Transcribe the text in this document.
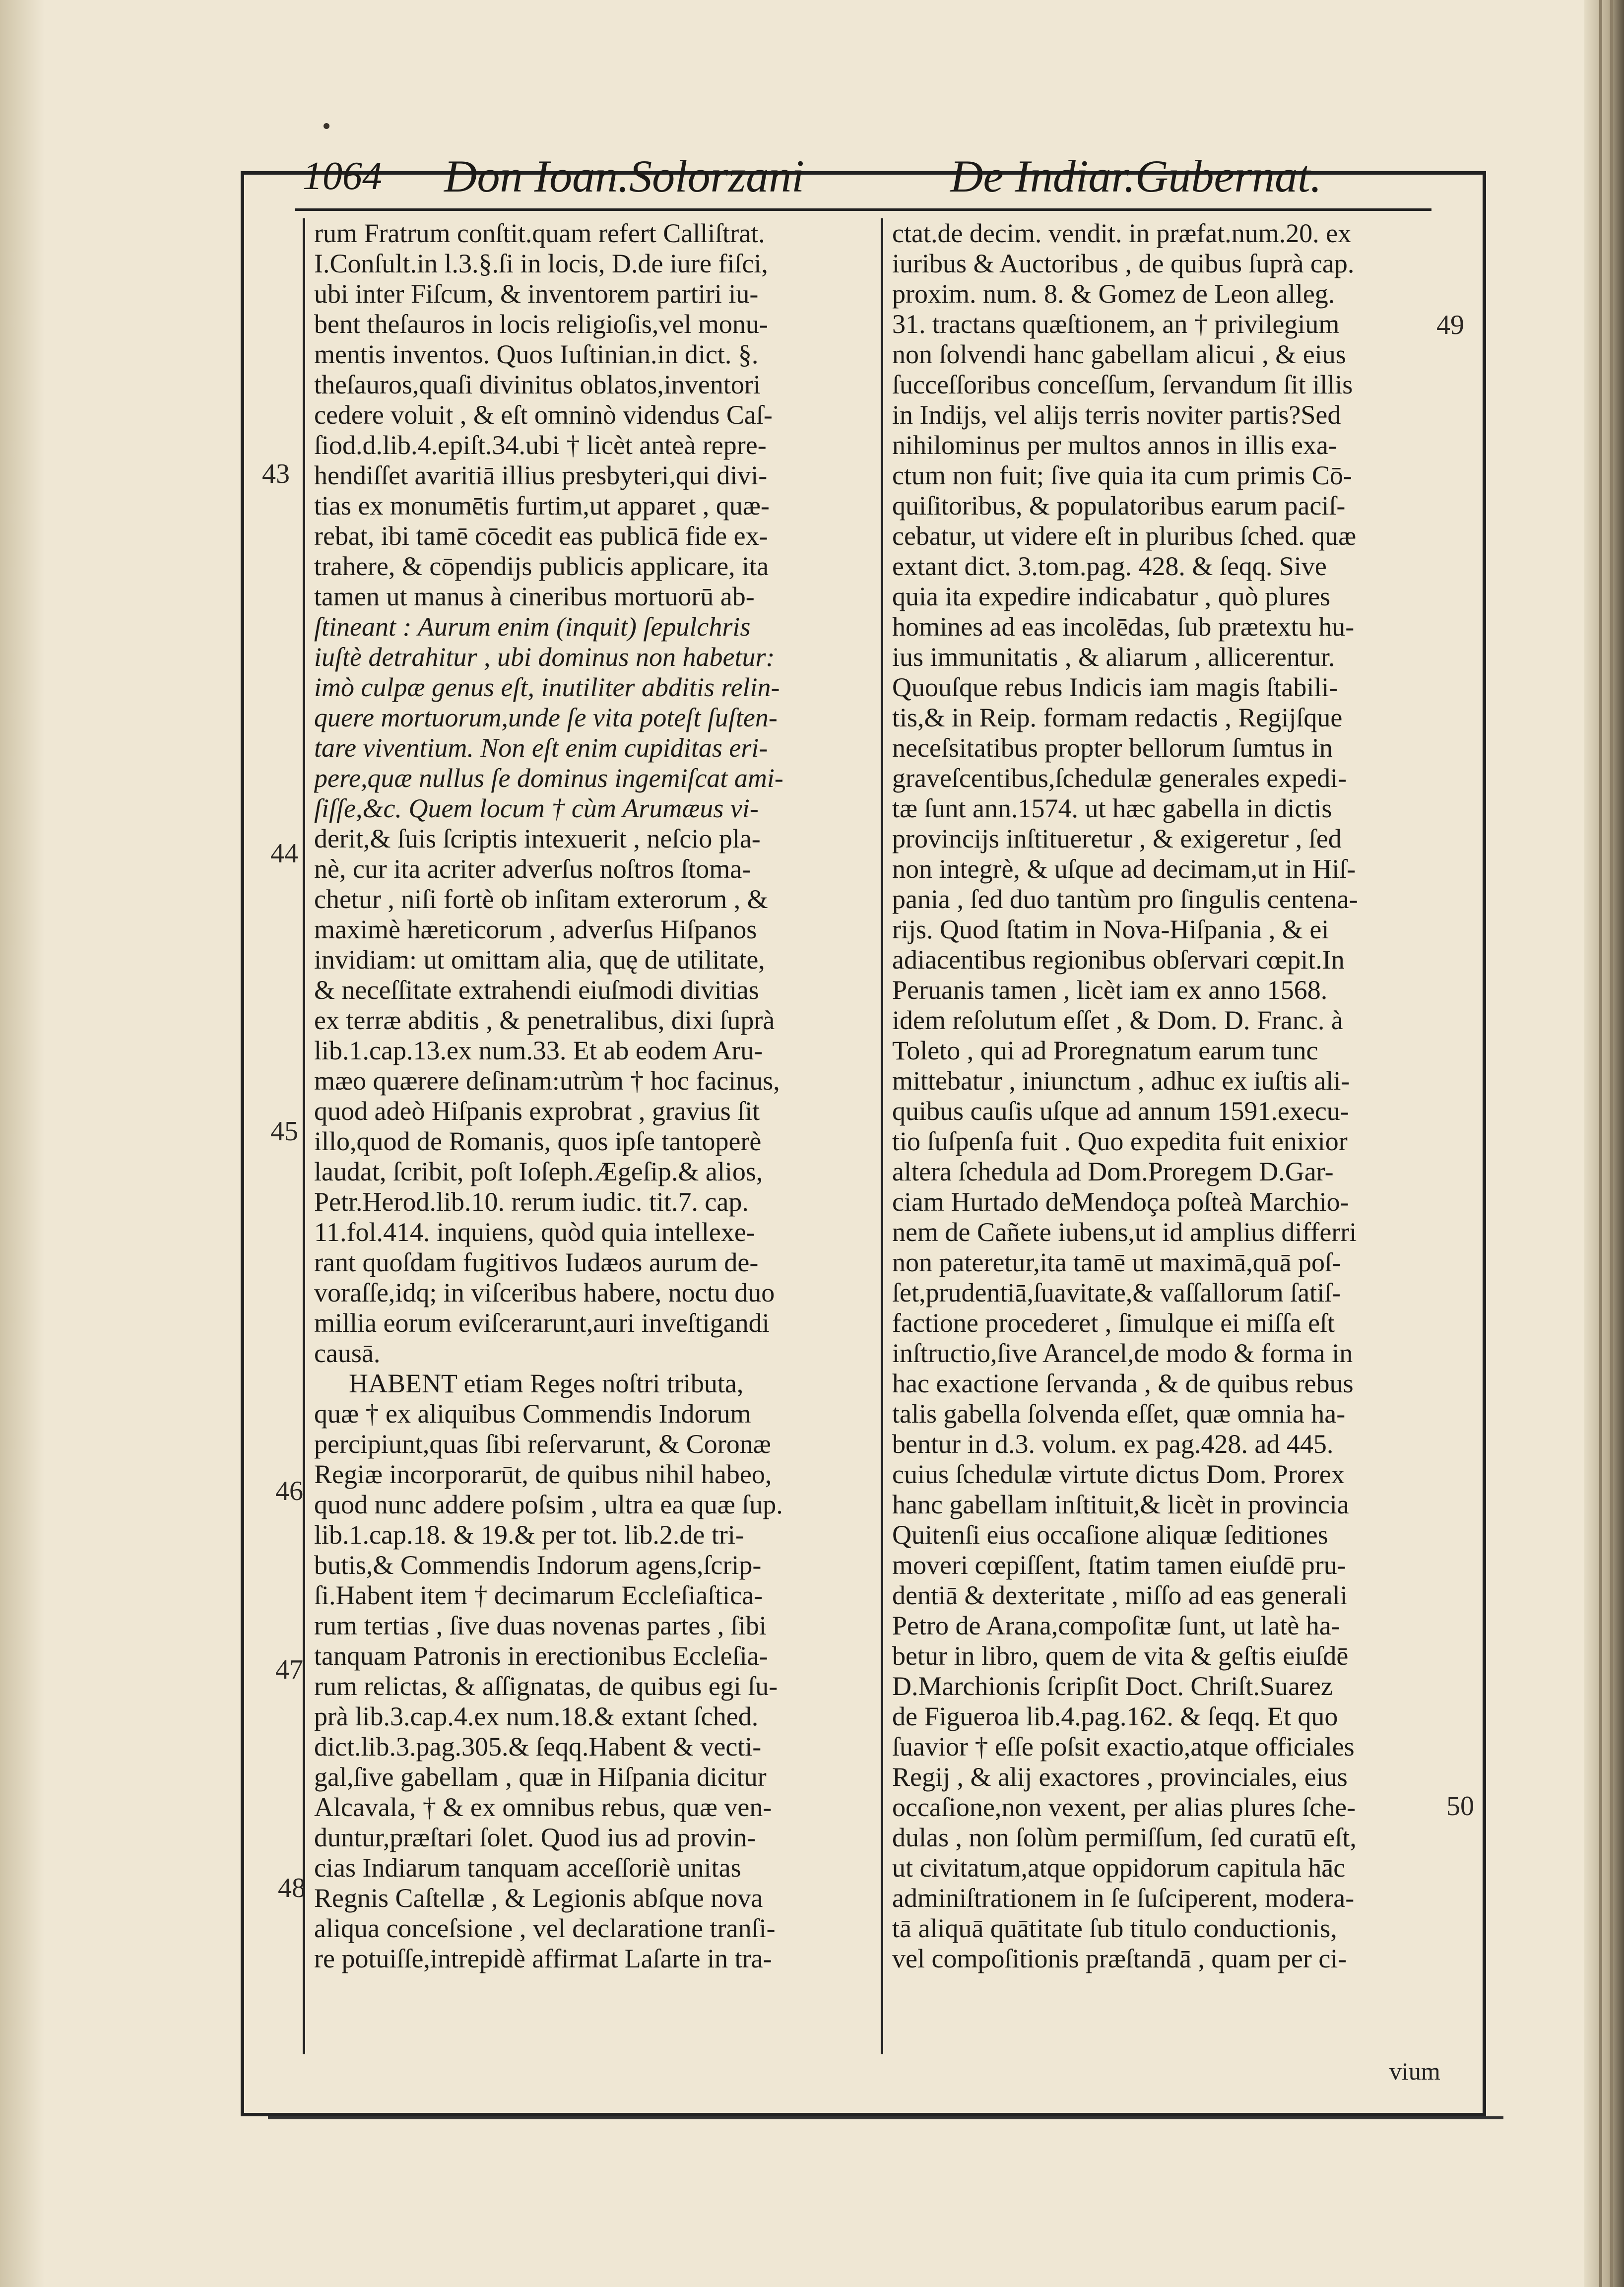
1064 Don Ioan.Solorzani	De Indiar.Gubernat.
43
44
45
46
47
48
49
50
rum Fratrum conſtit.quam refert Calliſtrat.
I.Conſult.in l.3.§.ſi in locis, D.de iure fiſci,
ubi inter Fiſcum, & inventorem partiri iu-
bent theſauros in locis religioſis,vel monu-
mentis inventos. Quos Iuſtinian.in dict. §.
theſauros,quaſi divinitus oblatos,inventori
cedere voluit , & eſt omninò videndus Caſ-
ſiod.d.lib.4.epiſt.34.ubi † licèt anteà repre-
hendiſſet avaritiā illius presbyteri,qui divi-
tias ex monumētis furtim,ut apparet , quæ-
rebat, ibi tamē cōcedit eas publicā fide ex-
trahere, & cōpendijs publicis applicare, ita
tamen ut manus à cineribus mortuorū ab-
ſtineant : Aurum enim (inquit) ſepulchris
iuſtè detrahitur , ubi dominus non habetur:
imò culpæ genus eſt, inutiliter abditis relin-
quere mortuorum,unde ſe vita poteſt ſuſten-
tare viventium. Non eſt enim cupiditas eri-
pere,quæ nullus ſe dominus ingemiſcat ami-
ſiſſe,&c. Quem locum † cùm Arumæus vi-
derit,& ſuis ſcriptis intexuerit , neſcio pla-
nè, cur ita acriter adverſus noſtros ſtoma-
chetur , niſi fortè ob inſitam exterorum , &
maximè hæreticorum , adverſus Hiſpanos
invidiam: ut omittam alia, quę de utilitate,
& neceſſitate extrahendi eiuſmodi divitias
ex terræ abditis , & penetralibus, dixi ſuprà
lib.1.cap.13.ex num.33. Et ab eodem Aru-
mæo quærere deſinam:utrùm † hoc facinus,
quod adeò Hiſpanis exprobrat , gravius ſit
illo,quod de Romanis, quos ipſe tantoperè
laudat, ſcribit, poſt Ioſeph.Ægeſip.& alios,
Petr.Herod.lib.10. rerum iudic. tit.7. cap.
11.fol.414. inquiens, quòd quia intellexe-
rant quoſdam fugitivos Iudæos aurum de-
voraſſe,idq; in viſceribus habere, noctu duo
millia eorum eviſcerarunt,auri inveſtigandi
causā.
HABENT etiam Reges noſtri tributa,
quæ † ex aliquibus Commendis Indorum
percipiunt,quas ſibi reſervarunt, & Coronæ
Regiæ incorporarūt, de quibus nihil habeo,
quod nunc addere poſsim , ultra ea quæ ſup.
lib.1.cap.18. & 19.& per tot. lib.2.de tri-
butis,& Commendis Indorum agens,ſcrip-
ſi.Habent item † decimarum Eccleſiaſtica-
rum tertias , ſive duas novenas partes , ſibi
tanquam Patronis in erectionibus Eccleſia-
rum relictas, & aſſignatas, de quibus egi ſu-
prà lib.3.cap.4.ex num.18.& extant ſched.
dict.lib.3.pag.305.& ſeqq.Habent & vecti-
gal,ſive gabellam , quæ in Hiſpania dicitur
Alcavala, † & ex omnibus rebus, quæ ven-
duntur,præſtari ſolet. Quod ius ad provin-
cias Indiarum tanquam acceſſoriè unitas
Regnis Caſtellæ , & Legionis abſque nova
aliqua conceſsione , vel declaratione tranſi-
re potuiſſe,intrepidè affirmat Laſarte in tra-
ctat.de decim. vendit. in præfat.num.20. ex
iuribus & Auctoribus , de quibus ſuprà cap.
proxim. num. 8. & Gomez de Leon alleg.
31. tractans quæſtionem, an † privilegium
non ſolvendi hanc gabellam alicui , & eius
ſucceſſoribus conceſſum, ſervandum ſit illis
in Indijs, vel alijs terris noviter partis?Sed
nihilominus per multos annos in illis exa-
ctum non fuit; ſive quia ita cum primis Cō-
quiſitoribus, & populatoribus earum paciſ-
cebatur, ut videre eſt in pluribus ſched. quæ
extant dict. 3.tom.pag. 428. & ſeqq. Sive
quia ita expedire indicabatur , quò plures
homines ad eas incolēdas, ſub prætextu hu-
ius immunitatis , & aliarum , allicerentur.
Quouſque rebus Indicis iam magis ſtabili-
tis,& in Reip. formam redactis , Regijſque
neceſsitatibus propter bellorum ſumtus in
graveſcentibus,ſchedulæ generales expedi-
tæ ſunt ann.1574. ut hæc gabella in dictis
provincijs inſtitueretur , & exigeretur , ſed
non integrè, & uſque ad decimam,ut in Hiſ-
pania , ſed duo tantùm pro ſingulis centena-
rijs. Quod ſtatim in Nova-Hiſpania , & ei
adiacentibus regionibus obſervari cœpit.In
Peruanis tamen , licèt iam ex anno 1568.
idem reſolutum eſſet , & Dom. D. Franc. à
Toleto , qui ad Proregnatum earum tunc
mittebatur , iniunctum , adhuc ex iuſtis ali-
quibus cauſis uſque ad annum 1591.execu-
tio ſuſpenſa fuit . Quo expedita fuit enixior
altera ſchedula ad Dom.Proregem D.Gar-
ciam Hurtado deMendoça poſteà Marchio-
nem de Cañete iubens,ut id amplius differri
non pateretur,ita tamē ut maximā,quā poſ-
ſet,prudentiā,ſuavitate,& vaſſallorum ſatiſ-
factione procederet , ſimulque ei miſſa eſt
inſtructio,ſive Arancel,de modo & forma in
hac exactione ſervanda , & de quibus rebus
talis gabella ſolvenda eſſet, quæ omnia ha-
bentur in d.3. volum. ex pag.428. ad 445.
cuius ſchedulæ virtute dictus Dom. Prorex
hanc gabellam inſtituit,& licèt in provincia
Quitenſi eius occaſione aliquæ ſeditiones
moveri cœpiſſent, ſtatim tamen eiuſdē pru-
dentiā & dexteritate , miſſo ad eas generali
Petro de Arana,compoſitæ ſunt, ut latè ha-
betur in libro, quem de vita & geſtis eiuſdē
D.Marchionis ſcripſit Doct. Chriſt.Suarez
de Figueroa lib.4.pag.162. & ſeqq. Et quo
ſuavior † eſſe poſsit exactio,atque officiales
Regij , & alij exactores , provinciales, eius
occaſione,non vexent, per alias plures ſche-
dulas , non ſolùm permiſſum, ſed curatū eſt,
ut civitatum,atque oppidorum capitula hāc
adminiſtrationem in ſe ſuſciperent, modera-
tā aliquā quātitate ſub titulo conductionis,
vel compoſitionis præſtandā , quam per ci-
vium
